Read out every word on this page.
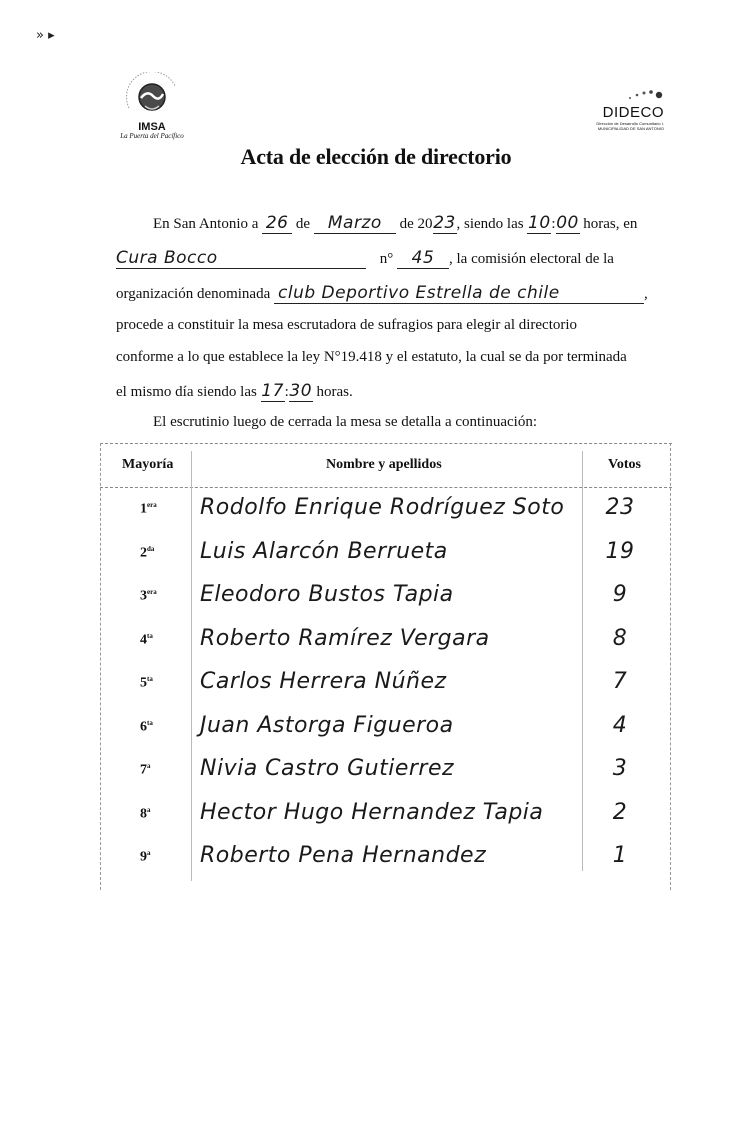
» ▸
IMSA
La Puerta del Pacífico
DIDECO
Dirección de Desarrollo Comunitario I. MUNICIPALIDAD DE SAN ANTONIO
Acta de elección de directorio
En San Antonio a 26 de Marzo de 2023, siendo las 10:00 horas, en
Cura Bocco	n° 45 , la comisión electoral de la
organización denominada club Deportivo Estrella de chile	,
procede a constituir la mesa escrutadora de sufragios para elegir al directorio
conforme a lo que establece la ley N°19.418 y el estatuto, la cual se da por terminada
el mismo día siendo las 17:30 horas.
El escrutinio luego de cerrada la mesa se detalla a continuación:
Mayoría	Nombre y apellidos	Votos
$1^{era}$ Rodolfo Enrique Rodríguez Soto 23
$2^{da}$ Luis Alarcón Berrueta	19
$3^{era}$ Eleodoro Bustos Tapia	9
$4^{ta}$ Roberto Ramírez Vergara	8
$5^{ta}$ Carlos Herrera Núñez	7
$6^{ta}$ Juan Astorga Figueroa	4
7$^a$ Nivia Castro Gutierrez	3
8$^a$ Hector Hugo Hernandez Tapia	2
9$^a$ Roberto Pena Hernandez	1
